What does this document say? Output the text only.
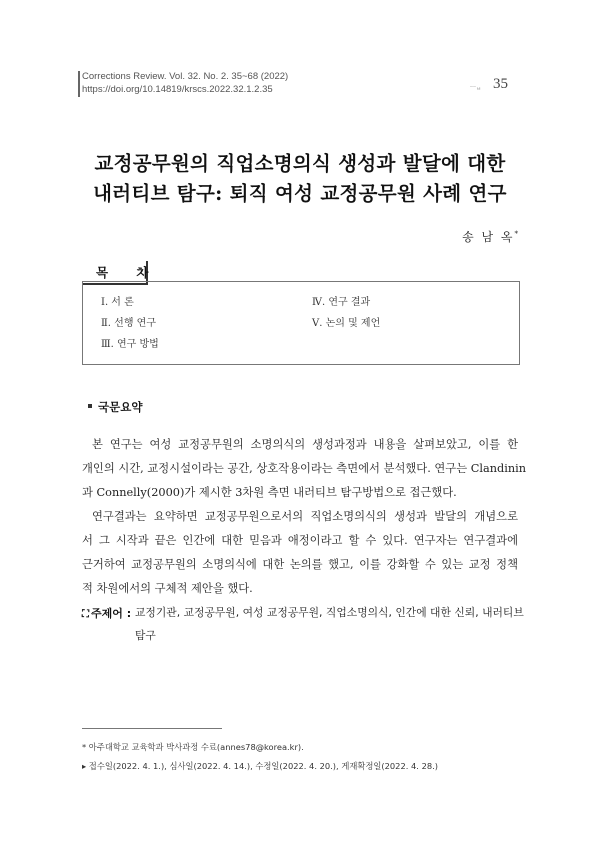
Corrections Review. Vol. 32. No. 2. 35~68 (2022)
https://doi.org/10.14819/krscs.2022.32.1.2.35	ᅳᆸ 35
교정공무원의 직업소명의식 생성과 발달에 대한
내러티브 탐구: 퇴직 여성 교정공무원 사례 연구
송 남 옥*
목 차
Ⅰ. 서 론
Ⅱ. 선행 연구
Ⅲ. 연구 방법
Ⅳ. 연구 결과
Ⅴ. 논의 및 제언
국문요약
본 연구는 여성 교정공무원의 소명의식의 생성과정과 내용을 살펴보았고, 이를 한
개인의 시간, 교정시설이라는 공간, 상호작용이라는 측면에서 분석했다. 연구는 Clandinin
과 Connelly(2000)가 제시한 3차원 측면 내러티브 탐구방법으로 접근했다.
연구결과는 요약하면 교정공무원으로서의 직업소명의식의 생성과 발달의 개념으로
서 그 시작과 끝은 인간에 대한 믿음과 애정이라고 할 수 있다. 연구자는 연구결과에
근거하여 교정공무원의 소명의식에 대한 논의를 했고, 이를 강화할 수 있는 교정 정책
적 차원에서의 구체적 제안을 했다.
⛶ 주제어 : 교정기관, 교정공무원, 여성 교정공무원, 직업소명의식, 인간에 대한 신뢰, 내러티브
탐구
* 아주대학교 교육학과 박사과정 수료(annes78@korea.kr).
▸ 접수일(2022. 4. 1.), 심사일(2022. 4. 14.), 수정일(2022. 4. 20.), 게재확정일(2022. 4. 28.)
